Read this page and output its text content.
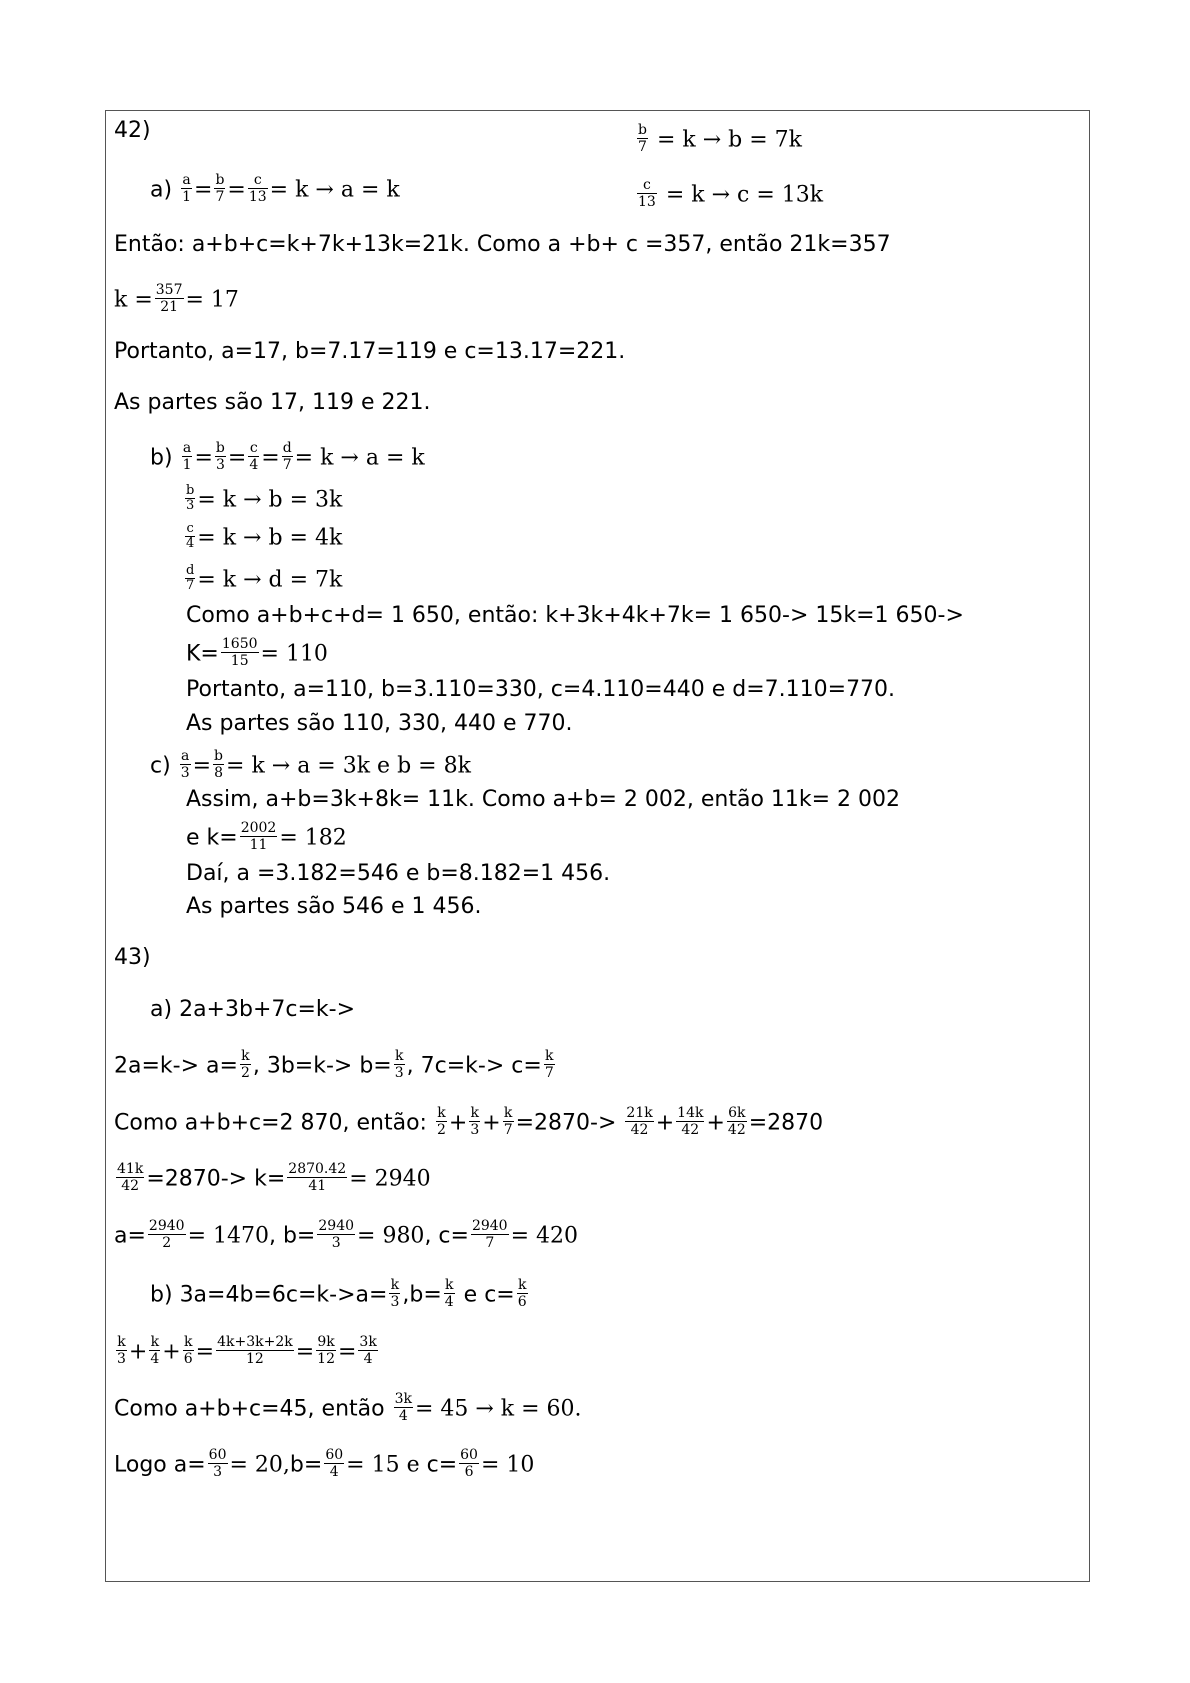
42)	$\frac{b}{7} = k \to b = 7k$
$\frac{c}{13} = k \to c = 13k$
$a) \frac{a}{1} = \frac{b}{7} = \frac{c}{13} = k \to a = k$
Então: a+b+c=k+7k+13k=21k. Como a +b+ c =357, então 21k=357
$k = \frac{357}{21} = 17$
Portanto, a=17, b=7.17=119 e c=13.17=221.
As partes são 17, 119 e 221.
$b) \frac{a}{1} = \frac{b}{3} = \frac{c}{4} = \frac{d}{7} = k \to a = k$
$\frac{b}{3} = k \to b = 3k$
$\frac{c}{4} = k \to b = 4k$
$\frac{d}{7} = k \to d = 7k$
Como a+b+c+d= 1 650, então: k+3k+4k+7k= 1 650-> 15k=1 650->
$K= \frac{1650}{15} = 110$
Portanto, a=110, b=3.110=330, c=4.110=440 e d=7.110=770.
As partes são 110, 330, 440 e 770.
$c) \frac{a}{3} = \frac{b}{8} = k \to a = 3k$ e b = 8k
Assim, a+b=3k+8k= 11k. Como a+b= 2 002, então 11k= 2 002
e $k= \frac{2002}{11} = 182$
Daí, a =3.182=546 e b=8.182=1 456.
As partes são 546 e 1 456.
43)
a) 2a+3b+7c=k->
$2a=k-> a= \frac{k}{2}$ , $3b=k-> b= \frac{k}{3}$ , $7c=k-> c= \frac{k}{7}$
Como a+b+c=2 870, então: $\frac{k}{2} + \frac{k}{3} + \frac{k}{7} =2870-> \frac{21k}{42} + \frac{14k}{42} + \frac{6k}{42} =2870$
$\frac{41k}{42} =2870-> k= \frac{2870.42}{41} = 2940$
$a= \frac{2940}{2} = 1470$, $b= \frac{2940}{3} = 980$, $c= \frac{2940}{7} = 420$
b) $3a=4b=6c=k->a= \frac{k}{3} ,b= \frac{k}{4}$ e $c= \frac{k}{6}$
$\frac{k}{3} + \frac{k}{4} + \frac{k}{6} = \frac{4k+3k+2k}{12} = \frac{9k}{12} = \frac{3k}{4}$
Como a+b+c=45, então $\frac{3k}{4} = 45 \to k = 60$.
Logo $a= \frac{60}{3} = 20,b= \frac{60}{4} = 15$ e $c= \frac{60}{6} = 10$
